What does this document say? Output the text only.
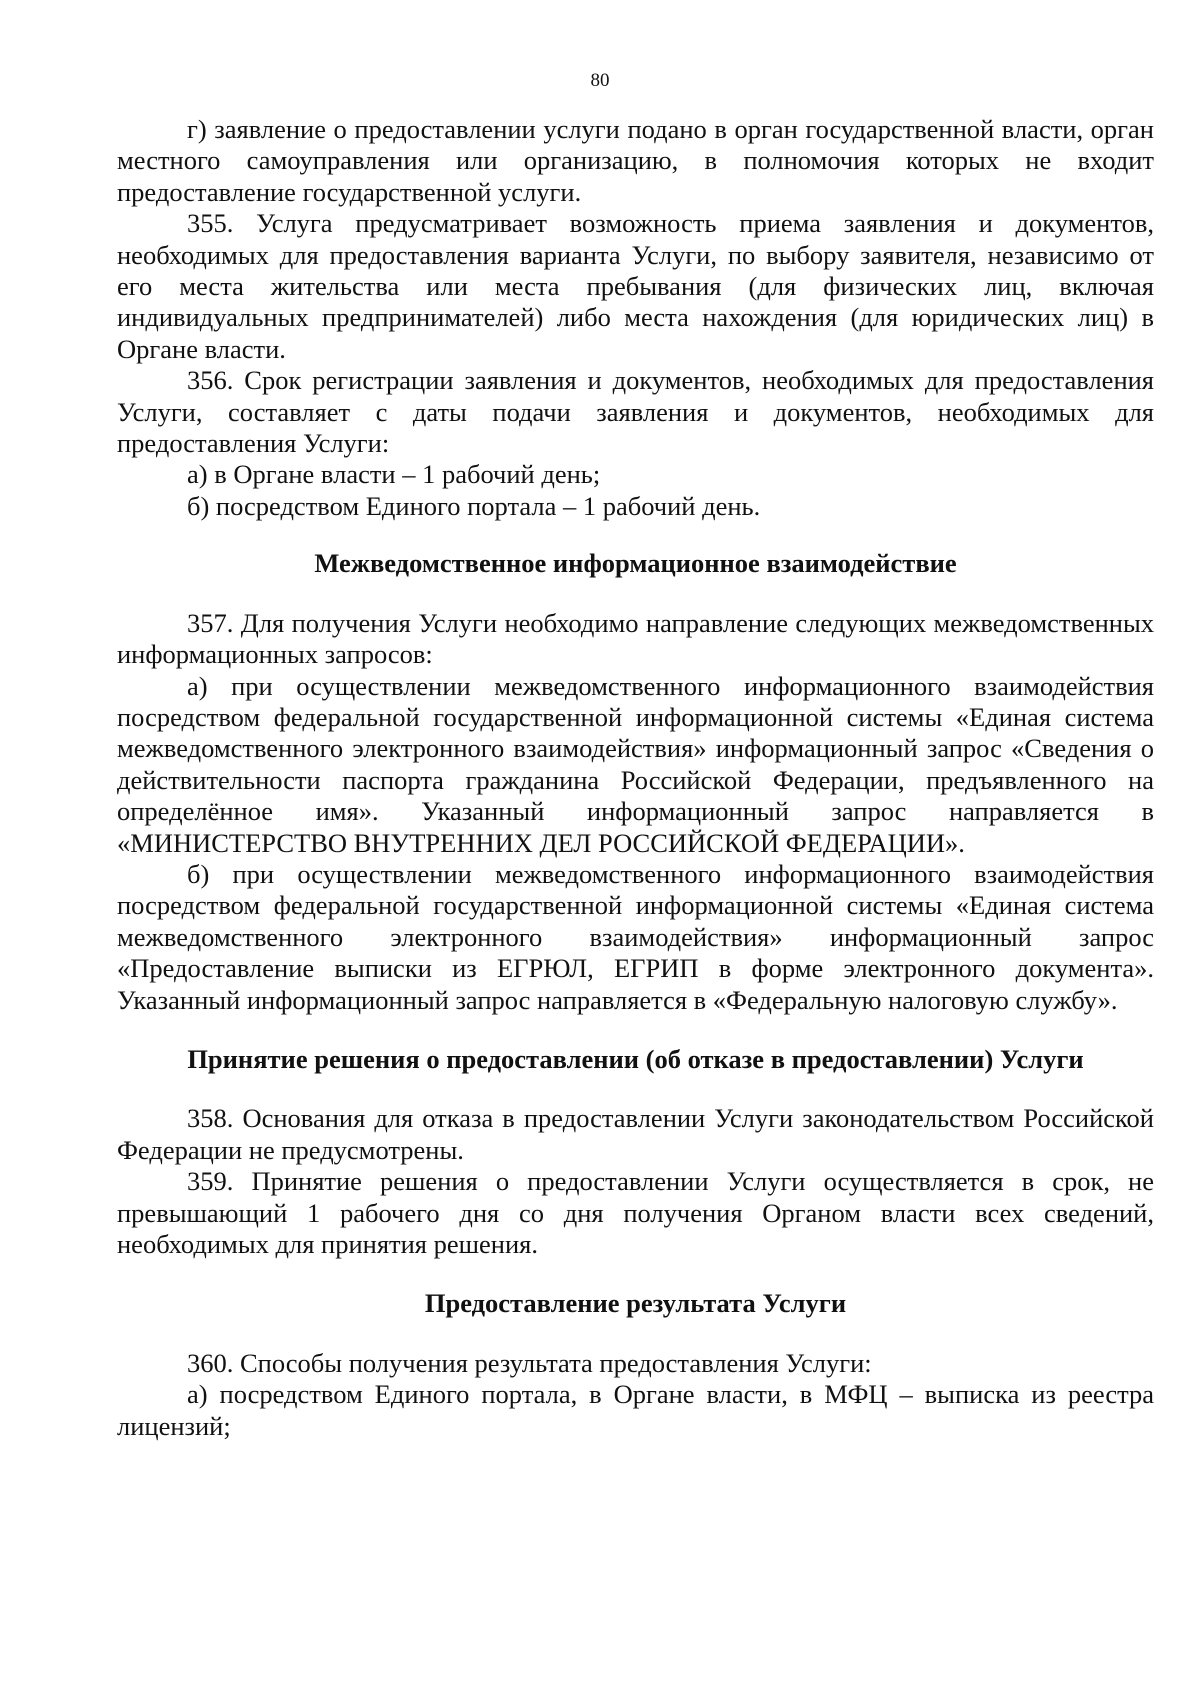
80

г) заявление о предоставлении услуги подано в орган государственной власти, орган местного самоуправления или организацию, в полномочия которых не входит предоставление государственной услуги.

355. Услуга предусматривает возможность приема заявления и документов, необходимых для предоставления варианта Услуги, по выбору заявителя, независимо от его места жительства или места пребывания (для физических лиц, включая индивидуальных предпринимателей) либо места нахождения (для юридических лиц) в Органе власти.

356. Срок регистрации заявления и документов, необходимых для предоставления Услуги, составляет с даты подачи заявления и документов, необходимых для предоставления Услуги:

а) в Органе власти – 1 рабочий день;

б) посредством Единого портала – 1 рабочий день.

Межведомственное информационное взаимодействие

357. Для получения Услуги необходимо направление следующих межведомственных информационных запросов:

а) при осуществлении межведомственного информационного взаимодействия посредством федеральной государственной информационной системы «Единая система межведомственного электронного взаимодействия» информационный запрос «Сведения о действительности паспорта гражданина Российской Федерации, предъявленного на определённое имя». Указанный информационный запрос направляется в «МИНИСТЕРСТВО ВНУТРЕННИХ ДЕЛ РОССИЙСКОЙ ФЕДЕРАЦИИ».

б) при осуществлении межведомственного информационного взаимодействия посредством федеральной государственной информационной системы «Единая система межведомственного электронного взаимодействия» информационный запрос «Предоставление выписки из ЕГРЮЛ, ЕГРИП в форме электронного документа». Указанный информационный запрос направляется в «Федеральную налоговую службу».

Принятие решения о предоставлении (об отказе в предоставлении) Услуги

358. Основания для отказа в предоставлении Услуги законодательством Российской Федерации не предусмотрены.

359. Принятие решения о предоставлении Услуги осуществляется в срок, не превышающий 1 рабочего дня со дня получения Органом власти всех сведений, необходимых для принятия решения.

Предоставление результата Услуги

360. Способы получения результата предоставления Услуги:

а) посредством Единого портала, в Органе власти, в МФЦ – выписка из реестра лицензий;
